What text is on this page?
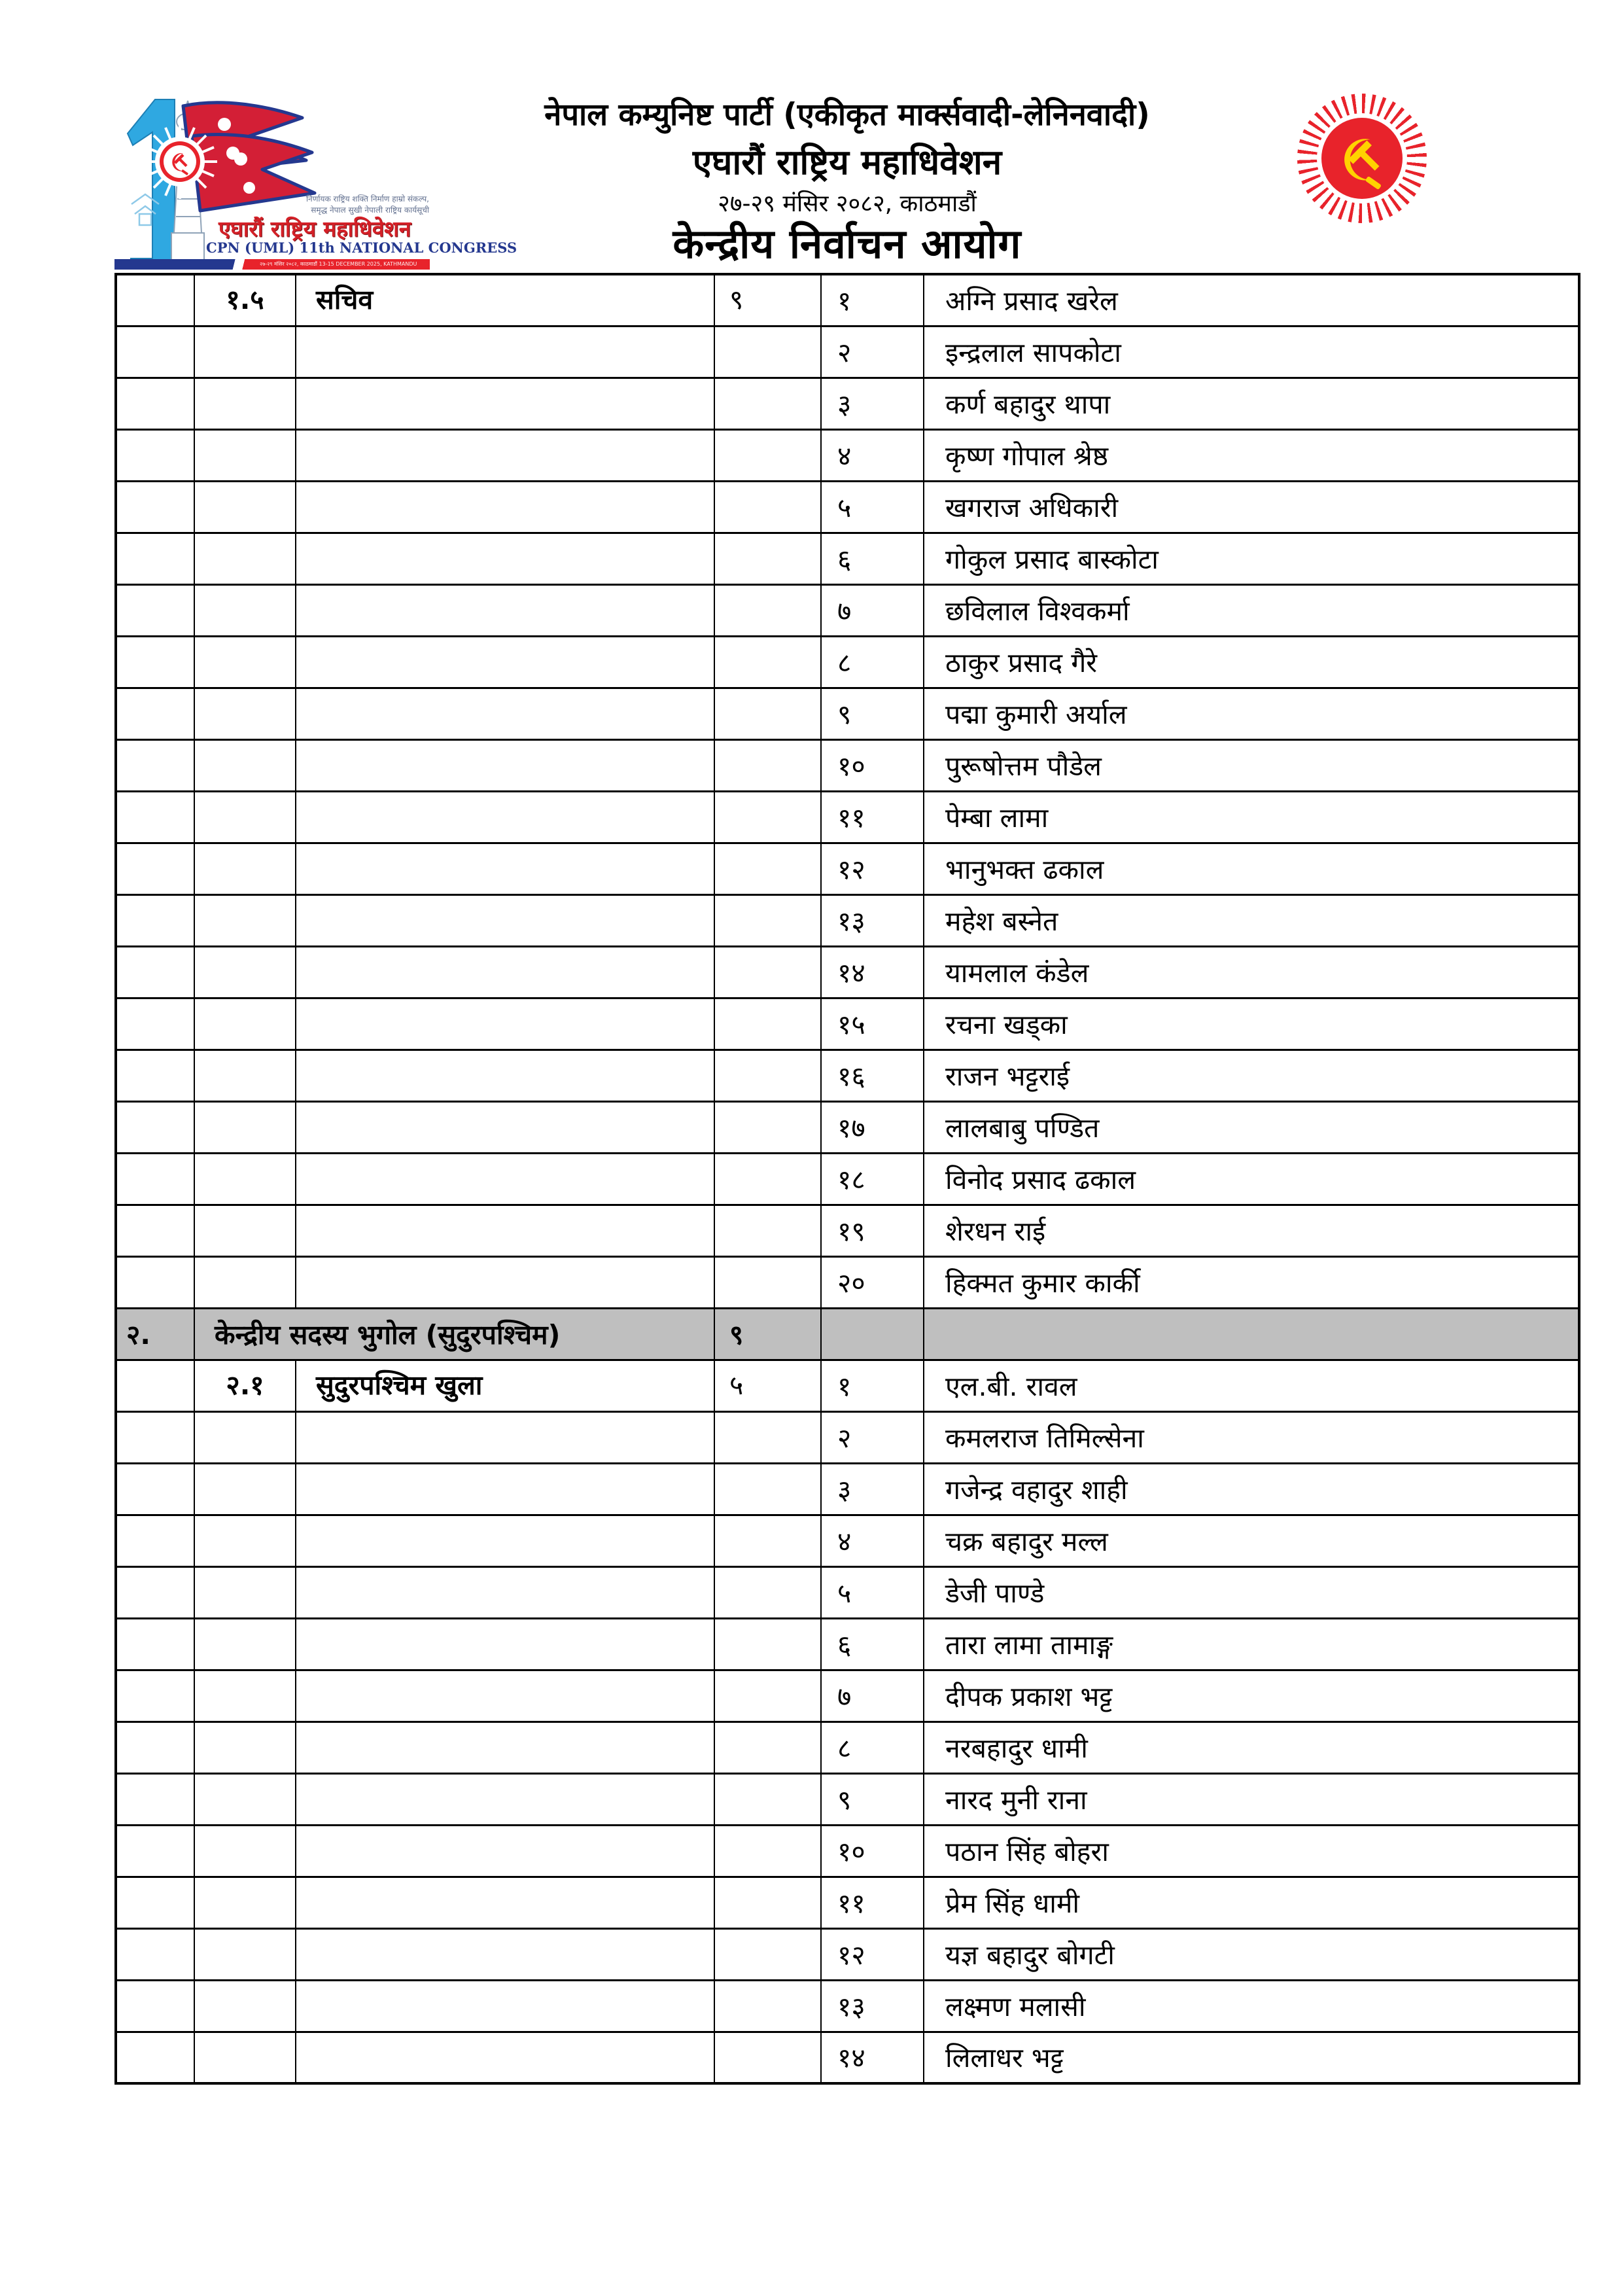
निर्णायक राष्ट्रिय शक्ति निर्माण हाम्रो संकल्प,
समृद्ध नेपाल सुखी नेपाली राष्ट्रिय कार्यसूची
एघारौं राष्ट्रिय महाधिवेशन
CPN (UML) 11th NATIONAL CONGRESS
२७-२९ मंसिर २०८२, काठमाडौं 13-15 DECEMBER 2025, KATHMANDU
नेपाल कम्युनिष्ट पार्टी (एकीकृत मार्क्सवादी-लेनिनवादी)
एघारौं राष्ट्रिय महाधिवेशन
२७-२९ मंसिर २०८२, काठमाडौं
केन्द्रीय निर्वाचन आयोग
	१.५	सचिव	९	१	अग्नि प्रसाद खरेल
				२	इन्द्रलाल सापकोटा
				३	कर्ण बहादुर थापा
				४	कृष्ण गोपाल श्रेष्ठ
				५	खगराज अधिकारी
				६	गोकुल प्रसाद बास्कोटा
				७	छविलाल विश्वकर्मा
				८	ठाकुर प्रसाद गैरे
				९	पद्मा कुमारी अर्याल
				१०	पुरूषोत्तम पौडेल
				११	पेम्बा लामा
				१२	भानुभक्त ढकाल
				१३	महेश बस्नेत
				१४	यामलाल कंडेल
				१५	रचना खड्का
				१६	राजन भट्टराई
				१७	लालबाबु पण्डित
				१८	विनोद प्रसाद ढकाल
				१९	शेरधन राई
				२०	हिक्मत कुमार कार्की
२.	केन्द्रीय सदस्य भुगोल (सुदुरपश्चिम)		९		
	२.१	सुदुरपश्चिम खुला	५	१	एल.बी. रावल
				२	कमलराज तिमिल्सेना
				३	गजेन्द्र वहादुर शाही
				४	चक्र बहादुर मल्ल
				५	डेजी पाण्डे
				६	तारा लामा तामाङ्ग
				७	दीपक प्रकाश भट्ट
				८	नरबहादुर धामी
				९	नारद मुनी राना
				१०	पठान सिंह बोहरा
				११	प्रेम सिंह धामी
				१२	यज्ञ बहादुर बोगटी
				१३	लक्ष्मण मलासी
				१४	लिलाधर भट्ट
